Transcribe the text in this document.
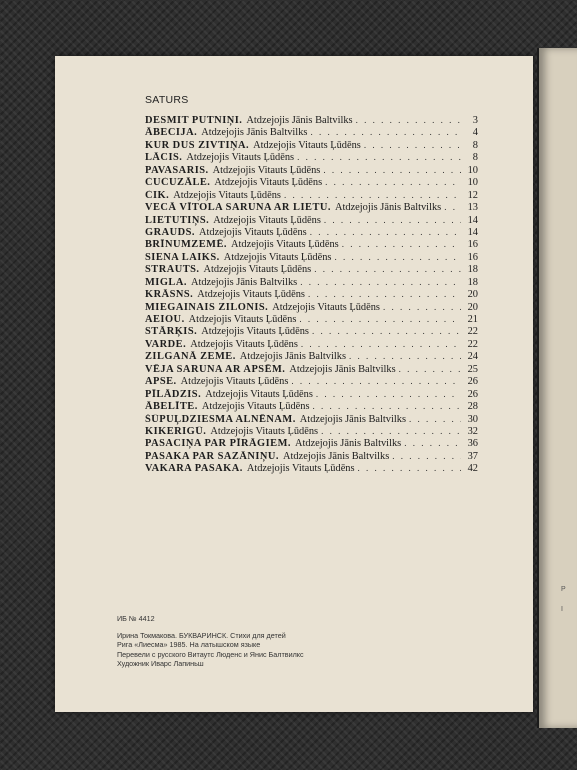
SATURS
DESMIT PUTNIŅI. Atdzejojis Jānis Baltvilks . . .	3
ĀBECIJA. Atdzejojis Jānis Baltvilks . . .	4
KUR DUS ZIVTIŅA. Atdzejojis Vitauts Ļūdēns . . .	8
LĀCIS. Atdzejojis Vitauts Ļūdēns . . .	8
PAVASARIS. Atdzejojis Vitauts Ļūdēns . . .	10
ČUČUZĀLE. Atdzejojis Vitauts Ļūdēns . . .	10
ČIK. Atdzejojis Vitauts Ļūdēns . . .	12
VECĀ VĪTOLA SARUNA AR LIETU. Atdzejojis Jānis Baltvilks . . .	13
LIETUTIŅS. Atdzejojis Vitauts Ļūdēns . . .	14
GRAUDS. Atdzejojis Vitauts Ļūdēns . . .	14
BRĪNUMZEMĒ. Atdzejojis Vitauts Ļūdēns . . .	16
SIENA LAIKS. Atdzejojis Vitauts Ļūdēns . . .	16
STRAUTS. Atdzejojis Vitauts Ļūdēns . . .	18
MIGLA. Atdzejojis Jānis Baltvilks . . .	18
KRĀSNS. Atdzejojis Vitauts Ļūdēns . . .	20
MIEGAINAIS ZILONIS. Atdzejojis Vitauts Ļūdēns . . .	20
AEIOU. Atdzejojis Vitauts Ļūdēns . . .	21
STĀRĶIS. Atdzejojis Vitauts Ļūdēns . . .	22
VARDE. Atdzejojis Vitauts Ļūdēns . . .	22
ZILGANĀ ZEME. Atdzejojis Jānis Baltvilks . . .	24
VĒJA SARUNA AR APSĒM. Atdzejojis Jānis Baltvilks . . .	25
APSE. Atdzejojis Vitauts Ļūdēns . . .	26
PĪLĀDZIS. Atdzejojis Vitauts Ļūdēns . . .	26
ĀBELĪTE. Atdzejojis Vitauts Ļūdēns . . .	28
ŠŪPUĻDZIESMA ALNĒNAM. Atdzejojis Jānis Baltvilks . . .	30
KIKERIGŪ. Atdzejojis Vitauts Ļūdēns . . .	32
PASACIŅA PAR PĪRĀGIEM. Atdzejojis Jānis Baltvilks . . .	36
PASAKA PAR SAZĀNIŅU. Atdzejojis Jānis Baltvilks . . .	37
VAKARA PASAKA. Atdzejojis Vitauts Ļūdēns . . .	42
ИБ № 4412
Ирина Токмакова. БУКВАРИНСК. Стихи для детей
Рига «Лиесма» 1985. На латышском языке
Перевели с русского Витаутс Людeнс и Янис Балтвилкс
Художник Иварс Лапиньш
P
I
